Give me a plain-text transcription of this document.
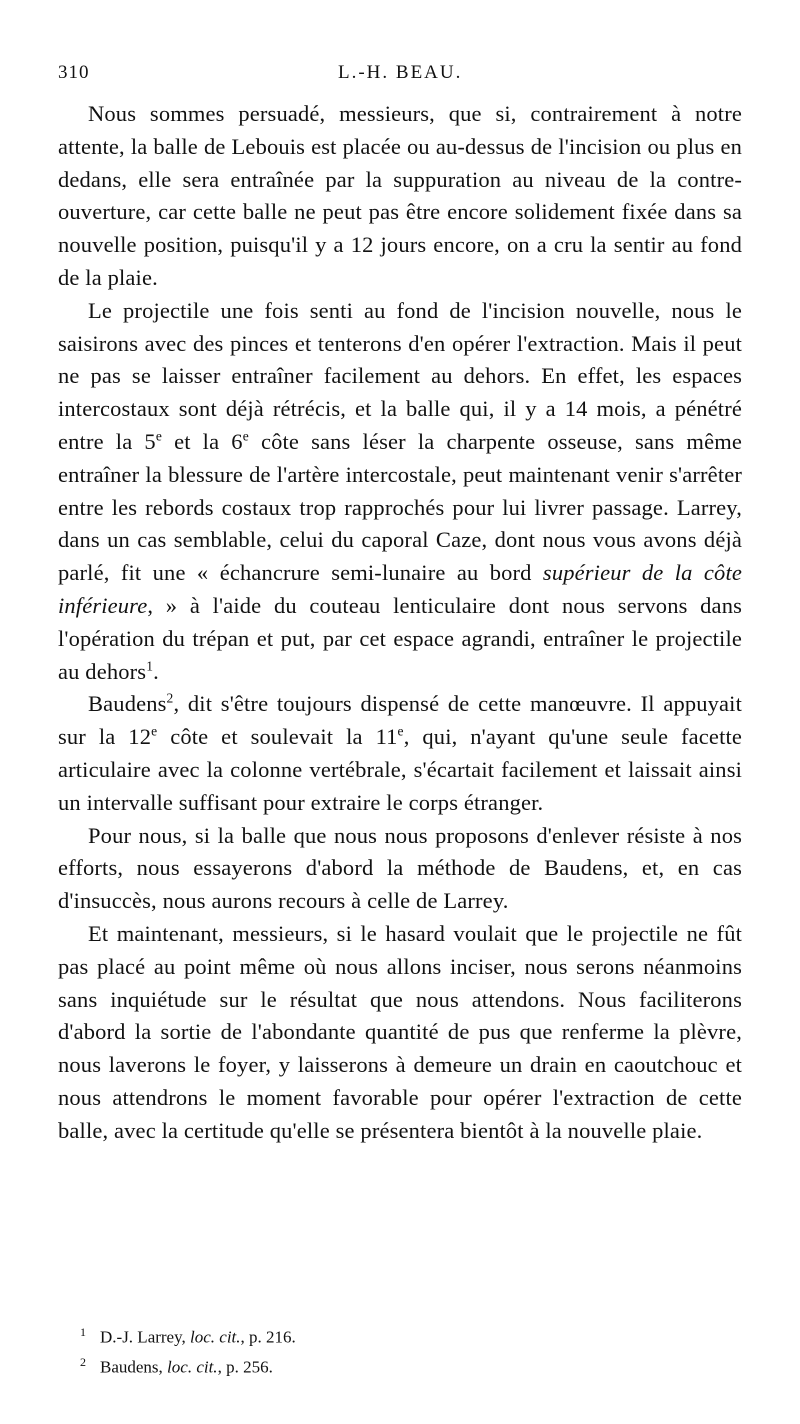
310	L.-H. BEAU.

Nous sommes persuadé, messieurs, que si, contrairement à notre attente, la balle de Lebouis est placée ou au-dessus de l'incision ou plus en dedans, elle sera entraînée par la suppuration au niveau de la contre-ouverture, car cette balle ne peut pas être encore solidement fixée dans sa nouvelle position, puisqu'il y a 12 jours encore, on a cru la sentir au fond de la plaie.

Le projectile une fois senti au fond de l'incision nouvelle, nous le saisirons avec des pinces et tenterons d'en opérer l'extraction. Mais il peut ne pas se laisser entraîner facilement au dehors. En effet, les espaces intercostaux sont déjà rétrécis, et la balle qui, il y a 14 mois, a pénétré entre la 5e et la 6e côte sans léser la charpente osseuse, sans même entraîner la blessure de l'artère intercostale, peut maintenant venir s'arrêter entre les rebords costaux trop rapprochés pour lui livrer passage. Larrey, dans un cas semblable, celui du caporal Caze, dont nous vous avons déjà parlé, fit une « échancrure semi-lunaire au bord supérieur de la côte inférieure, » à l'aide du couteau lenticulaire dont nous servons dans l'opération du trépan et put, par cet espace agrandi, entraîner le projectile au dehors$^1$.

Baudens$^2$, dit s'être toujours dispensé de cette manœuvre. Il appuyait sur la 12e côte et soulevait la 11e, qui, n'ayant qu'une seule facette articulaire avec la colonne vertébrale, s'écartait facilement et laissait ainsi un intervalle suffisant pour extraire le corps étranger.

Pour nous, si la balle que nous nous proposons d'enlever résiste à nos efforts, nous essayerons d'abord la méthode de Baudens, et, en cas d'insuccès, nous aurons recours à celle de Larrey.

Et maintenant, messieurs, si le hasard voulait que le projectile ne fût pas placé au point même où nous allons inciser, nous serons néanmoins sans inquiétude sur le résultat que nous attendons. Nous faciliterons d'abord la sortie de l'abondante quantité de pus que renferme la plèvre, nous laverons le foyer, y laisserons à demeure un drain en caoutchouc et nous attendrons le moment favorable pour opérer l'extraction de cette balle, avec la certitude qu'elle se présentera bientôt à la nouvelle plaie.

1 D.-J. Larrey, loc. cit., p. 216.
2 Baudens, loc. cit., p. 256.
